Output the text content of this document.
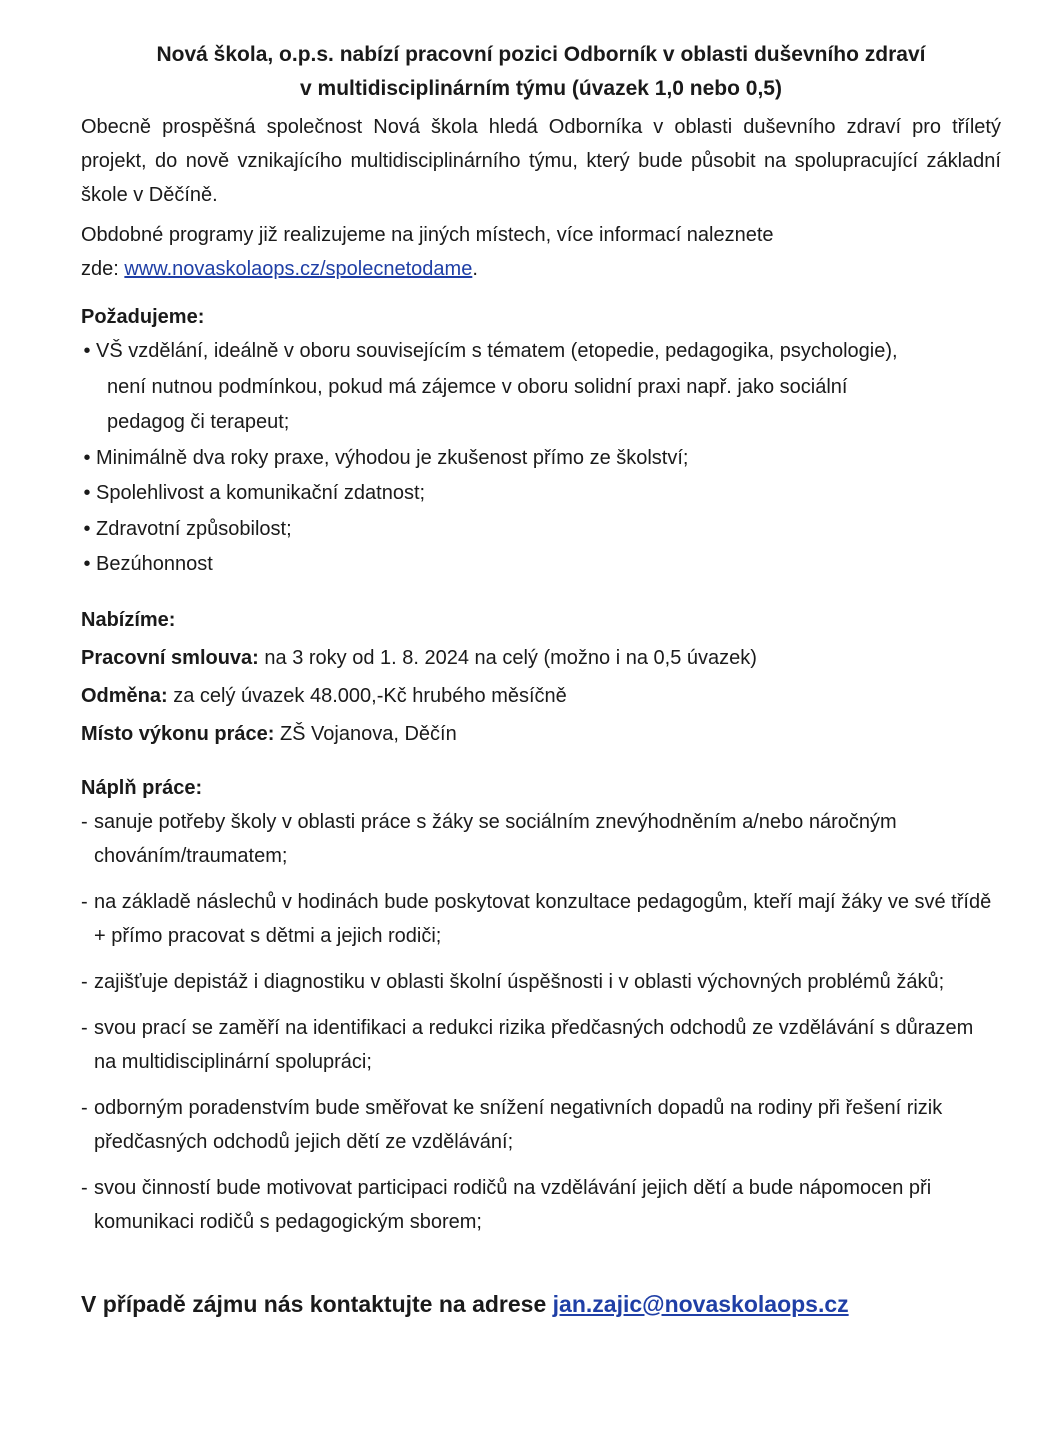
Nová škola, o.p.s. nabízí pracovní pozici Odborník v oblasti duševního zdraví
v multidisciplinárním týmu (úvazek 1,0 nebo 0,5)

Obecně prospěšná společnost Nová škola hledá Odborníka v oblasti duševního zdraví pro tříletý projekt, do nově vznikajícího multidisciplinárního týmu, který bude působit na spolupracující základní škole v Děčíně.

Obdobné programy již realizujeme na jiných místech, více informací naleznete
zde: www.novaskolaops.cz/spolecnetodame.

Požadujeme:

• VŠ vzdělání, ideálně v oboru souvisejícím s tématem (etopedie, pedagogika, psychologie),
není nutnou podmínkou, pokud má zájemce v oboru solidní praxi např. jako sociální
pedagog či terapeut;
• Minimálně dva roky praxe, výhodou je zkušenost přímo ze školství;
• Spolehlivost a komunikační zdatnost;
• Zdravotní způsobilost;
• Bezúhonnost

Nabízíme:

Pracovní smlouva: na 3 roky od 1. 8. 2024 na celý (možno i na 0,5 úvazek)

Odměna: za celý úvazek 48.000,-Kč hrubého měsíčně

Místo výkonu práce: ZŠ Vojanova, Děčín

Náplň práce:

- sanuje potřeby školy v oblasti práce s žáky se sociálním znevýhodněním a/nebo náročným chováním/traumatem;
- na základě náslechů v hodinách bude poskytovat konzultace pedagogům, kteří mají žáky ve své třídě + přímo pracovat s dětmi a jejich rodiči;
- zajišťuje depistáž i diagnostiku v oblasti školní úspěšnosti i v oblasti výchovných problémů žáků;
- svou prací se zaměří na identifikaci a redukci rizika předčasných odchodů ze vzdělávání s důrazem na multidisciplinární spolupráci;
- odborným poradenstvím bude směřovat ke snížení negativních dopadů na rodiny při řešení rizik předčasných odchodů jejich dětí ze vzdělávání;
- svou činností bude motivovat participaci rodičů na vzdělávání jejich dětí a bude nápomocen při komunikaci rodičů s pedagogickým sborem;

V případě zájmu nás kontaktujte na adrese jan.zajic@novaskolaops.cz
